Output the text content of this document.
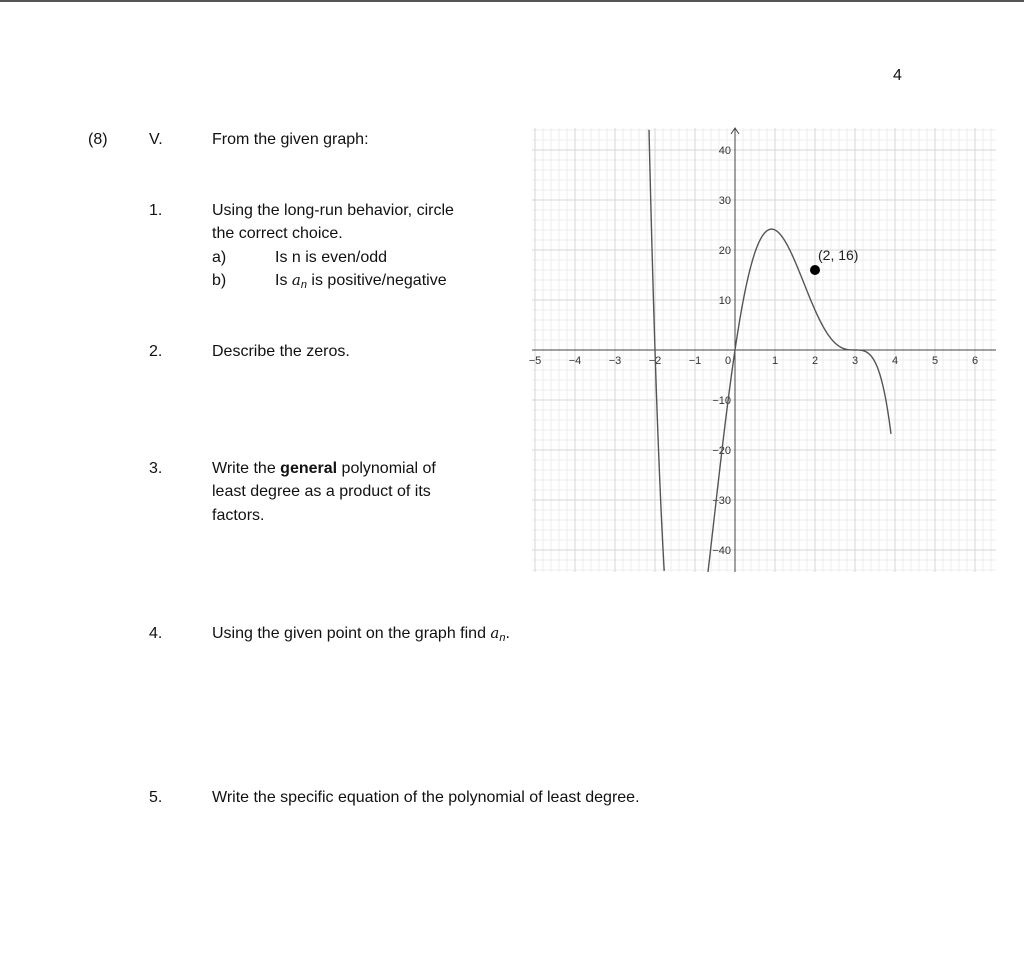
4
(8)	V.	From the given graph:
1.	Using the long-run behavior, circle
the correct choice.
a)	Is n is even/odd
b)	Is an is positive/negative
2.	Describe the zeros.
3.	Write the general polynomial of
least degree as a product of its
factors.
4.	Using the given point on the graph find an.
5.	Write the specific equation of the polynomial of least degree.
−5 −4 −3 −2 −1 0	1	2	3	4	5	6
40
30
20
10
−10
−20
−30
−40
(2, 16)
